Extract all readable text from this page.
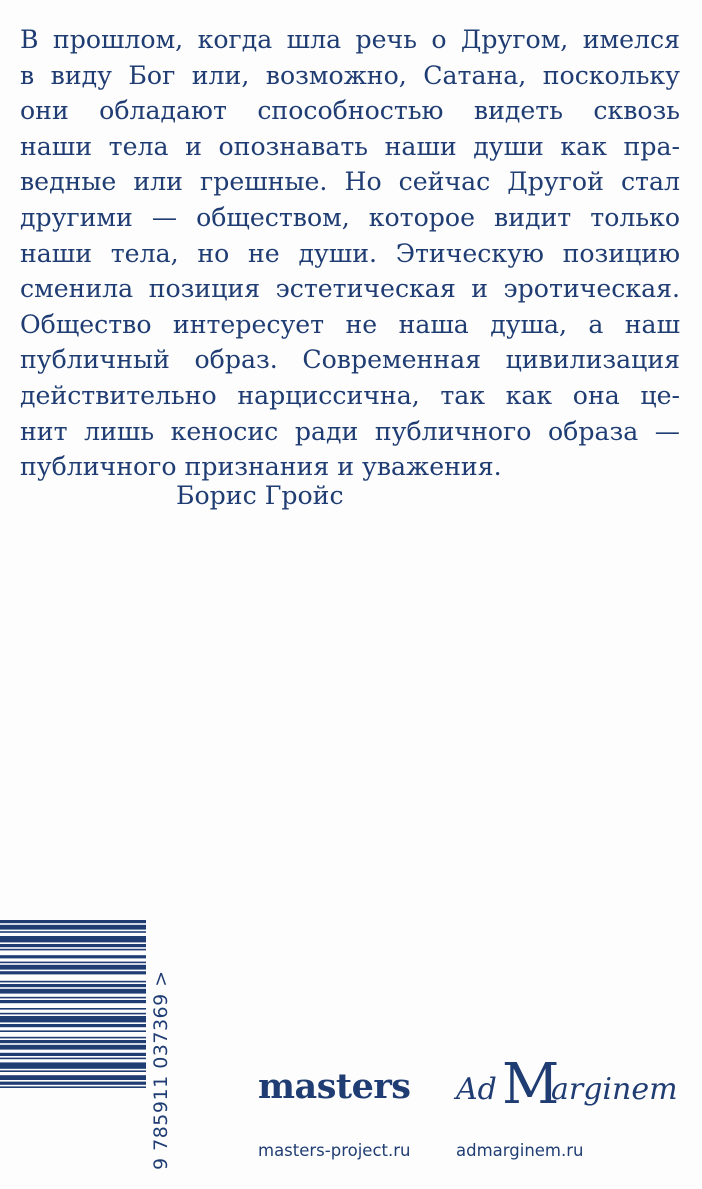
В прошлом, когда шла речь о Другом, имелся
в виду Бог или, возможно, Сатана, поскольку
они обладают способностью видеть сквозь
наши тела и опознавать наши души как пра-
ведные или грешные. Но сейчас Другой стал
другими — обществом, которое видит только
наши тела, но не души. Этическую позицию
сменила позиция эстетическая и эротическая.
Общество интересует не наша душа, а наш
публичный образ. Современная цивилизация
действительно нарциссична, так как она це-
нит лишь кеносис ради публичного образа —
публичного признания и уважения.
Борис Гройс
9 785911 037369 > masters Ad M
arginem
masters-project.ru	admarginem.ru
